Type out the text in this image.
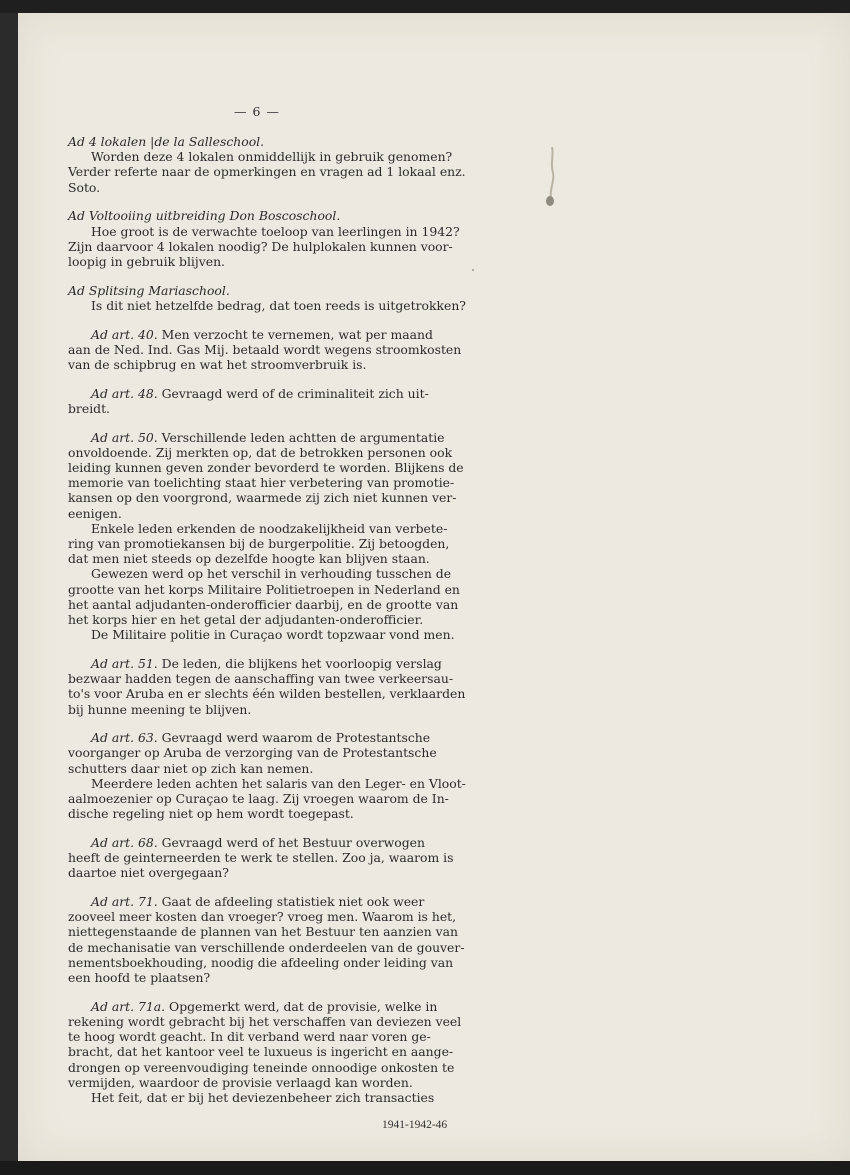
— 6 —
Ad 4 lokalen |de la Salleschool.
Worden deze 4 lokalen onmiddellijk in gebruik genomen?
Verder referte naar de opmerkingen en vragen ad 1 lokaal enz.
Soto.
Ad Voltooiing uitbreiding Don Boscoschool.
Hoe groot is de verwachte toeloop van leerlingen in 1942?
Zijn daarvoor 4 lokalen noodig? De hulplokalen kunnen voor-
loopig in gebruik blijven.
Ad Splitsing Mariaschool.
Is dit niet hetzelfde bedrag, dat toen reeds is uitgetrokken?
Ad art. 40. Men verzocht te vernemen, wat per maand
aan de Ned. Ind. Gas Mij. betaald wordt wegens stroomkosten
van de schipbrug en wat het stroomverbruik is.
Ad art. 48. Gevraagd werd of de criminaliteit zich uit-
breidt.
Ad art. 50. Verschillende leden achtten de argumentatie
onvoldoende. Zij merkten op, dat de betrokken personen ook
leiding kunnen geven zonder bevorderd te worden. Blijkens de
memorie van toelichting staat hier verbetering van promotie-
kansen op den voorgrond, waarmede zij zich niet kunnen ver-
eenigen.
Enkele leden erkenden de noodzakelijkheid van verbete-
ring van promotiekansen bij de burgerpolitie. Zij betoogden,
dat men niet steeds op dezelfde hoogte kan blijven staan.
Gewezen werd op het verschil in verhouding tusschen de
grootte van het korps Militaire Politietroepen in Nederland en
het aantal adjudanten-onderofficier daarbij, en de grootte van
het korps hier en het getal der adjudanten-onderofficier.
De Militaire politie in Curaçao wordt topzwaar vond men.
Ad art. 51. De leden, die blijkens het voorloopig verslag
bezwaar hadden tegen de aanschaffing van twee verkeersau-
to's voor Aruba en er slechts één wilden bestellen, verklaarden
bij hunne meening te blijven.
Ad art. 63. Gevraagd werd waarom de Protestantsche
voorganger op Aruba de verzorging van de Protestantsche
schutters daar niet op zich kan nemen.
Meerdere leden achten het salaris van den Leger- en Vloot-
aalmoezenier op Curaçao te laag. Zij vroegen waarom de In-
dische regeling niet op hem wordt toegepast.
Ad art. 68. Gevraagd werd of het Bestuur overwogen
heeft de geinterneerden te werk te stellen. Zoo ja, waarom is
daartoe niet overgegaan?
Ad art. 71. Gaat de afdeeling statistiek niet ook weer
zooveel meer kosten dan vroeger? vroeg men. Waarom is het,
niettegenstaande de plannen van het Bestuur ten aanzien van
de mechanisatie van verschillende onderdeelen van de gouver-
nementsboekhouding, noodig die afdeeling onder leiding van
een hoofd te plaatsen?
Ad art. 71a. Opgemerkt werd, dat de provisie, welke in
rekening wordt gebracht bij het verschaffen van deviezen veel
te hoog wordt geacht. In dit verband werd naar voren ge-
bracht, dat het kantoor veel te luxueus is ingericht en aange-
drongen op vereenvoudiging teneinde onnoodige onkosten te
vermijden, waardoor de provisie verlaagd kan worden.
Het feit, dat er bij het deviezenbeheer zich transacties
1941-1942-46
